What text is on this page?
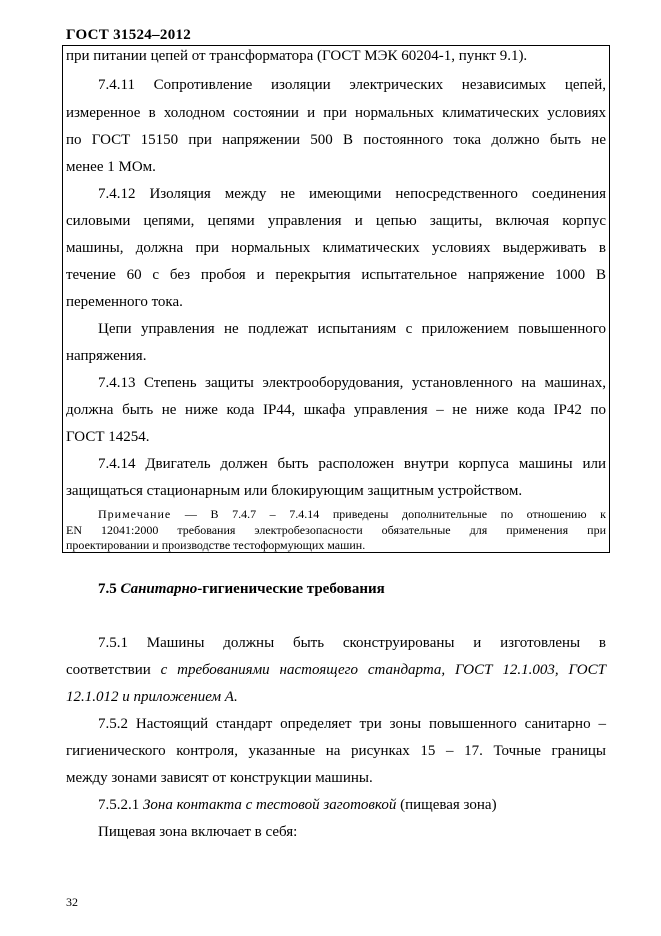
ГОСТ 31524–2012
при питании цепей от трансформатора (ГОСТ МЭК 60204-1, пункт 9.1).
7.4.11 Сопротивление изоляции электрических независимых цепей,
измеренное в холодном состоянии и при нормальных климатических условиях
по ГОСТ 15150 при напряжении 500 В постоянного тока должно быть не
менее 1 МОм.
7.4.12 Изоляция между не имеющими непосредственного соединения
силовыми цепями, цепями управления и цепью защиты, включая корпус
машины, должна при нормальных климатических условиях выдерживать в
течение 60 с без пробоя и перекрытия испытательное напряжение 1000 В
переменного тока.
Цепи управления не подлежат испытаниям с приложением повышенного
напряжения.
7.4.13 Степень защиты электрооборудования, установленного на машинах,
должна быть не ниже кода IP44, шкафа управления – не ниже кода IP42 по
ГОСТ 14254.
7.4.14 Двигатель должен быть расположен внутри корпуса машины или
защищаться стационарным или блокирующим защитным устройством.
Примечание — В 7.4.7 – 7.4.14 приведены дополнительные по отношению к
EN 12041:2000 требования электробезопасности обязательные для применения при
проектировании и производстве тестоформующих машин.
7.5 Санитарно-гигиенические требования
7.5.1 Машины должны быть сконструированы и изготовлены в
соответствии с требованиями настоящего стандарта, ГОСТ 12.1.003, ГОСТ
12.1.012 и приложением А.
7.5.2 Настоящий стандарт определяет три зоны повышенного санитарно –
гигиенического контроля, указанные на рисунках 15 – 17. Точные границы
между зонами зависят от конструкции машины.
7.5.2.1 Зона контакта с тестовой заготовкой (пищевая зона)
Пищевая зона включает в себя:
32
